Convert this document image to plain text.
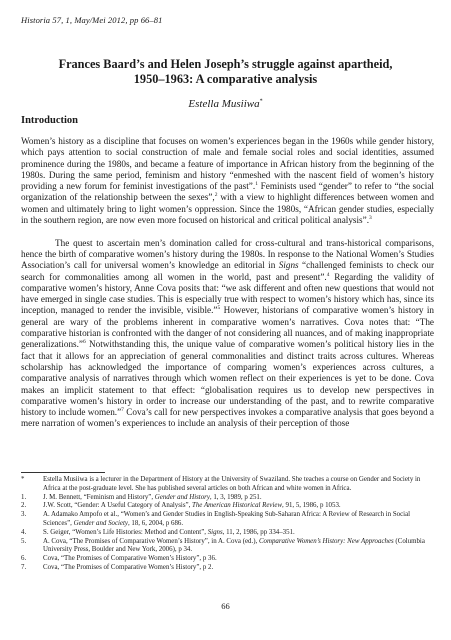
Historia 57, 1, May/Mei 2012, pp 66–81
Frances Baard’s and Helen Joseph’s struggle against apartheid,
1950–1963: A comparative analysis
Estella Musiiwa*
Introduction

Women’s history as a discipline that focuses on women’s experiences began in the 1960s while gender history, which pays attention to social construction of male and female social roles and social identities, assumed prominence during the 1980s, and became a feature of importance in African history from the beginning of the 1980s. During the same period, feminism and history “enmeshed with the nascent field of women’s history providing a new forum for feminist investigations of the past”.$^1$ Feminists used “gender” to refer to “the social organization of the relationship between the sexes”,$^2$ with a view to highlight differences between women and women and ultimately bring to light women’s oppression. Since the 1980s, “African gender studies, especially in the southern region, are now even more focused on historical and critical political analysis”.$^3$

The quest to ascertain men’s domination called for cross-cultural and trans-historical comparisons, hence the birth of comparative women’s history during the 1980s. In response to the National Women’s Studies Association’s call for universal women’s knowledge an editorial in Signs “challenged feminists to check our search for commonalities among all women in the world, past and present”.$^4$ Regarding the validity of comparative women’s history, Anne Cova posits that: “we ask different and often new questions that would not have emerged in single case studies. This is especially true with respect to women’s history which has, since its inception, managed to render the invisible, visible.”$^5$ However, historians of comparative women’s history in general are wary of the problems inherent in comparative women’s narratives. Cova notes that: “The comparative historian is confronted with the danger of not considering all nuances, and of making inappropriate generalizations.”$^6$ Notwithstanding this, the unique value of comparative women’s political history lies in the fact that it allows for an appreciation of general commonalities and distinct traits across cultures. Whereas scholarship has acknowledged the importance of comparing women’s experiences across cultures, a comparative analysis of narratives through which women reflect on their experiences is yet to be done. Cova makes an implicit statement to that effect: “globalisation requires us to develop new perspectives in comparative women’s history in order to increase our understanding of the past, and to rewrite comparative history to include women.”$^7$ Cova’s call for new perspectives invokes a comparative analysis that goes beyond a mere narration of women’s experiences to include an analysis of their perception of those

*	Estella Musiiwa is a lecturer in the Department of History at the University of Swaziland. She teaches a course on Gender and Society in Africa at the post-graduate level. She has published several articles on both African and white women in Africa.
1.	J. M. Bennett, “Feminism and History”, Gender and History, 1, 3, 1989, p 251.
2.	J.W. Scott, “Gender: A Useful Category of Analysis”, The American Historical Review, 91, 5, 1986, p 1053.
3.	A. Adamako Ampofo et al., “Women’s and Gender Studies in English-Speaking Sub-Saharan Africa: A Review of Research in Social Sciences”, Gender and Society, 18, 6, 2004, p 686.
4.	S. Geiger, “Women’s Life Histories: Method and Content”, Signs, 11, 2, 1986, pp 334–351.
5.	A. Cova, “The Promises of Comparative Women’s History”, in A. Cova (ed.), Comparative Women’s History: New Approaches (Columbia University Press, Boulder and New York, 2006), p 34.
6.	Cova, “The Promises of Comparative Women’s History”, p 36.
7.	Cova, “The Promises of Comparative Women’s History”, p 2.
66
